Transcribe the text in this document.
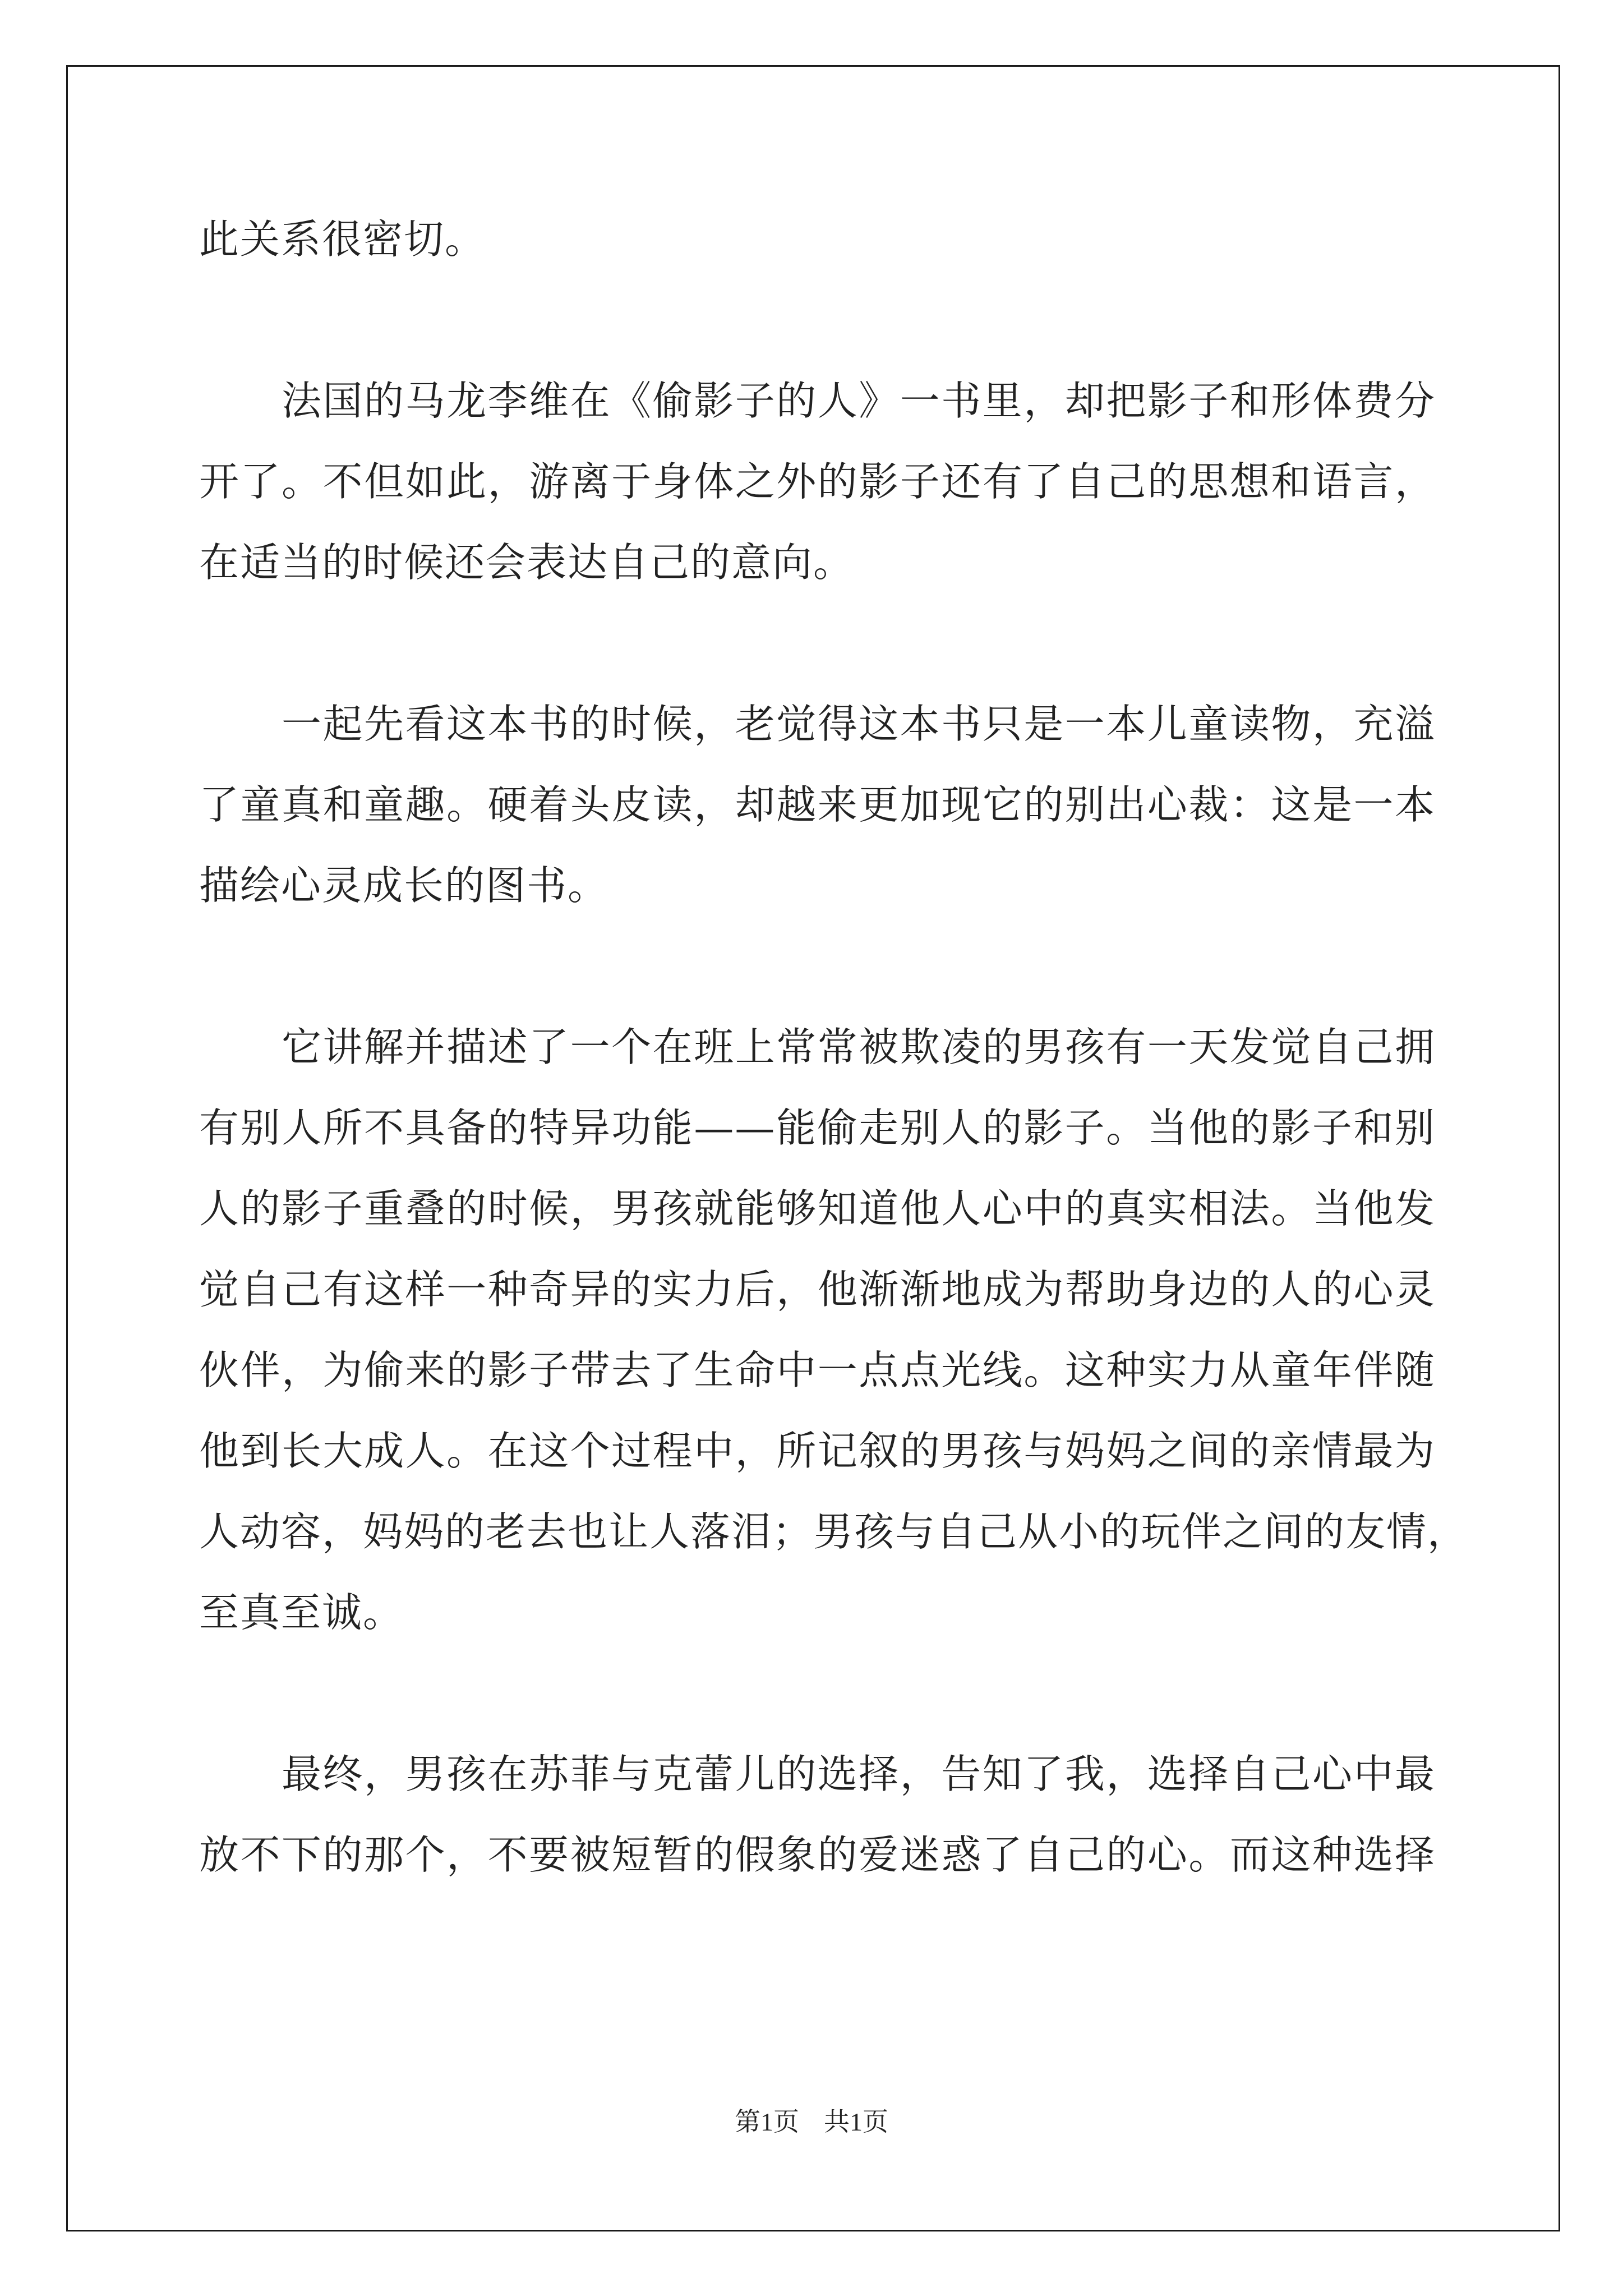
此关系很密切。
法国的马龙李维在《偷影子的人》一书里，却把影子和形体费分
开了。不但如此，游离于身体之外的影子还有了自己的思想和语言，
在适当的时候还会表达自己的意向。
一起先看这本书的时候，老觉得这本书只是一本儿童读物，充溢
了童真和童趣。硬着头皮读，却越来更加现它的别出心裁：这是一本
描绘心灵成长的图书。
它讲解并描述了一个在班上常常被欺凌的男孩有一天发觉自己拥
有别人所不具备的特异功能——能偷走别人的影子。当他的影子和别
人的影子重叠的时候，男孩就能够知道他人心中的真实相法。当他发
觉自己有这样一种奇异的实力后，他渐渐地成为帮助身边的人的心灵
伙伴，为偷来的影子带去了生命中一点点光线。这种实力从童年伴随
他到长大成人。在这个过程中，所记叙的男孩与妈妈之间的亲情最为
人动容，妈妈的老去也让人落泪；男孩与自己从小的玩伴之间的友情，
至真至诚。
最终，男孩在苏菲与克蕾儿的选择，告知了我，选择自己心中最
放不下的那个，不要被短暂的假象的爱迷惑了自己的心。而这种选择
第1页 共1页
